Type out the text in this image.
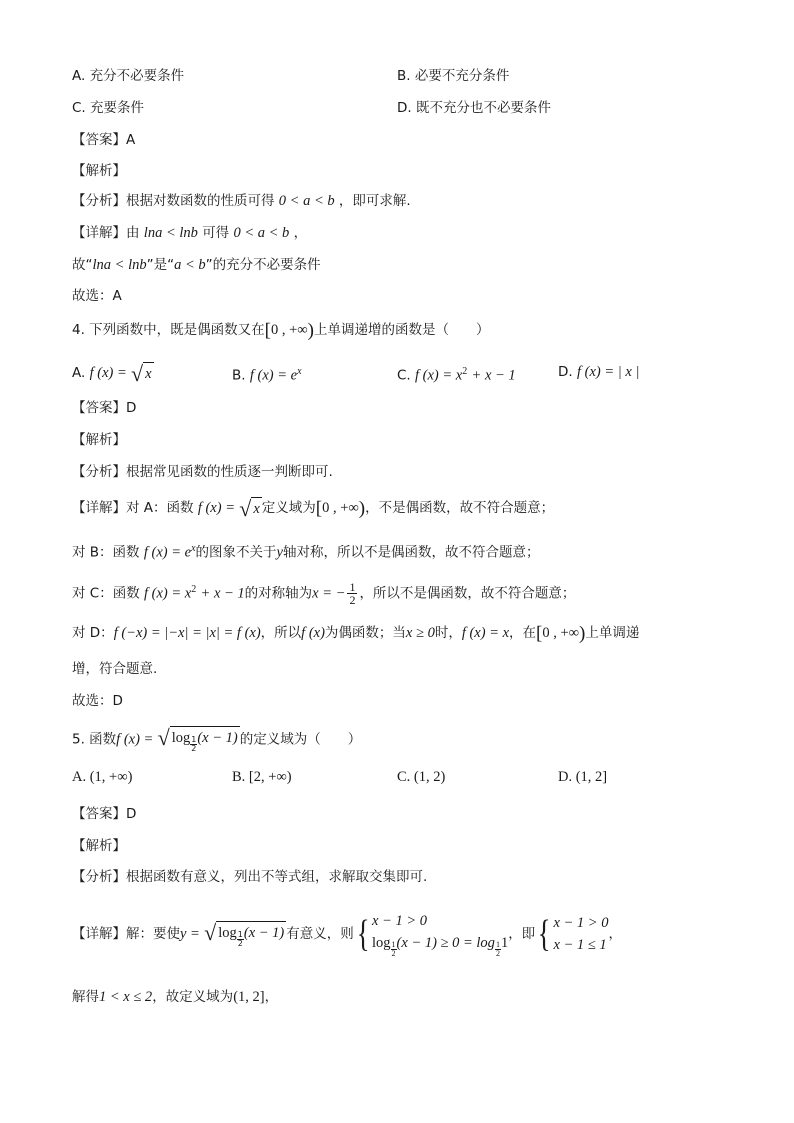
A. 充分不必要条件	B. 必要不充分条件
C. 充要条件	D. 既不充分也不必要条件
【答案】A
【解析】
【分析】根据对数函数的性质可得 0 < a < b ，即可求解.
【详解】由 lna < lnb 可得 0 < a < b ，
故“lna < lnb”是“a < b”的充分不必要条件
故选：A
4. 下列函数中，既是偶函数又在[0 , +∞)上单调递增的函数是（　　）
A. f (x) = √ x	B. f $(x) = e^x$	C. f $(x) = x^2 + x - 1$	D. f (x) = | x |
【答案】D
【解析】
【分析】根据常见函数的性质逐一判断即可.
【详解】对 A：函数 f (x) = √ x 定义域为[0 , +∞)，不是偶函数，故不符合题意；
对 B：函数 f $(x) = e^x$的图象不关于y轴对称，所以不是偶函数，故不符合题意；
对 C：函数 f $(x) = x^2 + x - 1$的对称轴为x = − $\frac{1}{2}$ ，所以不是偶函数，故不符合题意；
对 D：f (−x) = |−x| = |x| = f (x)，所以f (x)为偶函数；当x ≥ 0时，f (x) = x，在[0 , +∞)上单调递
增，符合题意.
故选：D
5. 函数f (x) = √ $\log \frac{1}{2} (x - 1)$ 的定义域为（　　）
A. (1, +∞)	B. [2, +∞)	C. (1, 2)	D. (1, 2]
【答案】D
【解析】
【分析】根据函数有意义，列出不等式组，求解取交集即可.
【详解】解：要使y = √ $\log \frac{1}{2} (x - 1)$ 有意义，则{ x − 1 > 0
$\log \frac{1}{2} (x - 1) \ge 0 = \log \frac{1}{2} 1$
，即{ x − 1 > 0
x − 1 ≤ 1
，
解得1 < x ≤ 2，故定义域为(1, 2]，
